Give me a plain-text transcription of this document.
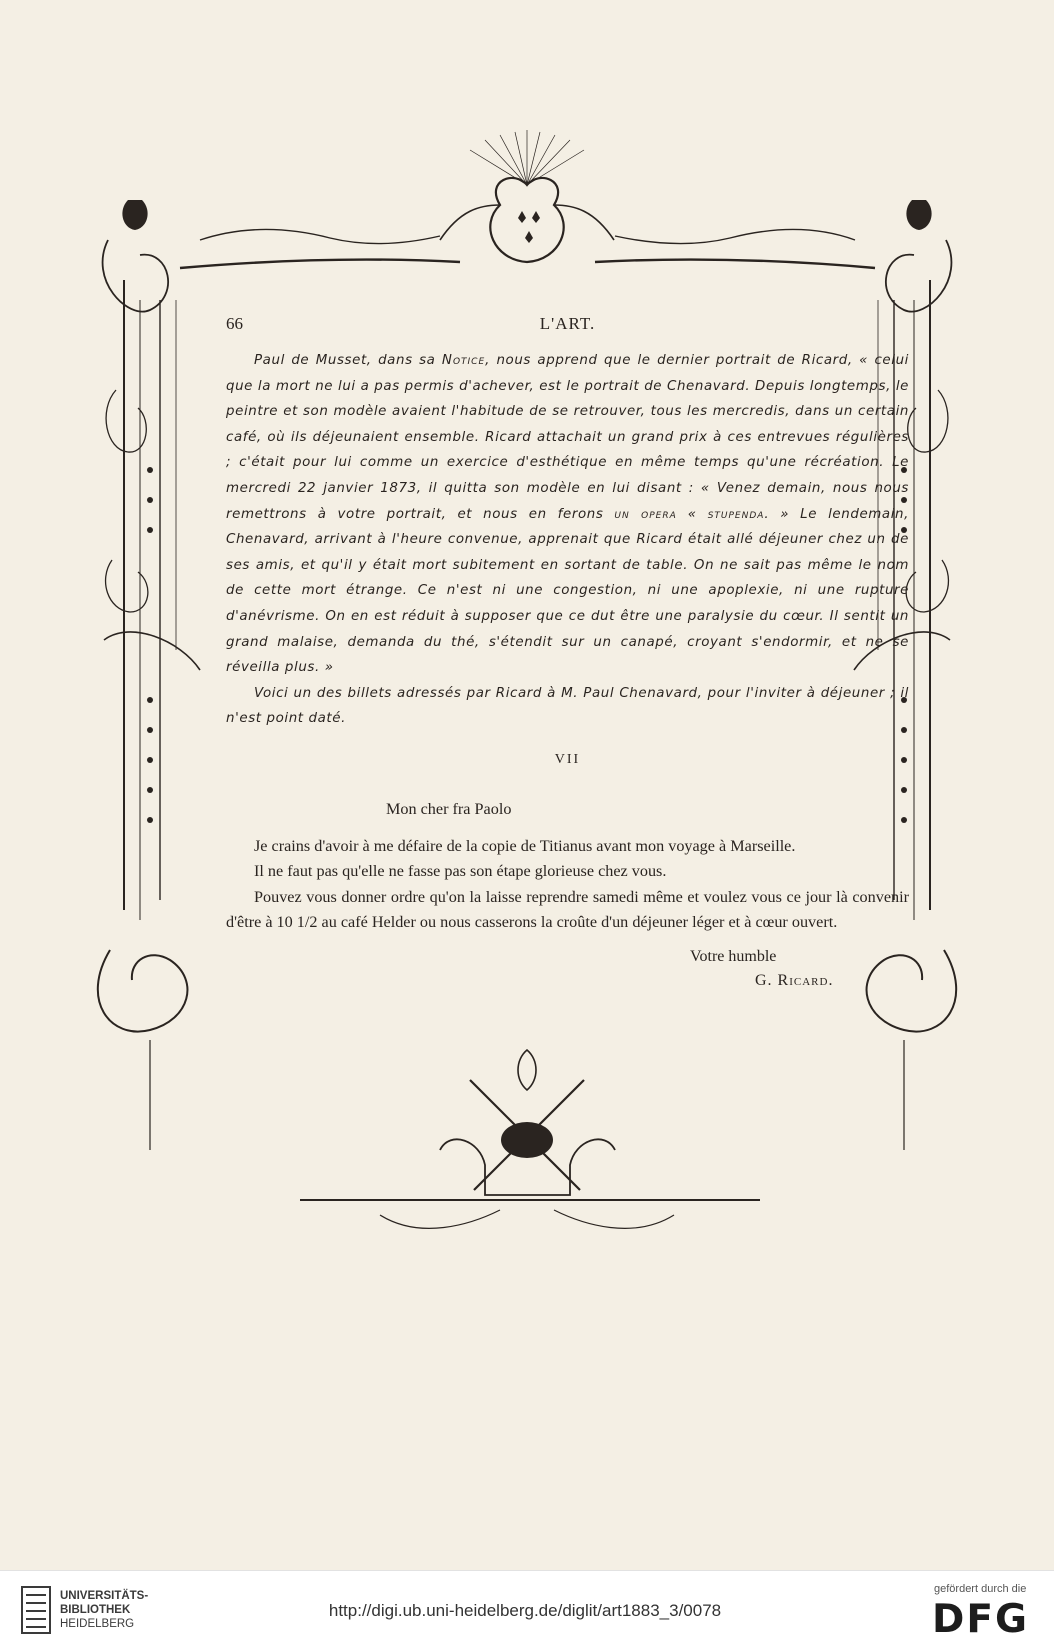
66	L'ART.

Paul de Musset, dans sa Notice, nous apprend que le dernier portrait de Ricard, « celui que la mort ne lui a pas permis d'achever, est le portrait de Chenavard. Depuis longtemps, le peintre et son modèle avaient l'habitude de se retrouver, tous les mercredis, dans un certain café, où ils déjeunaient ensemble. Ricard attachait un grand prix à ces entrevues régulières ; c'était pour lui comme un exercice d'esthétique en même temps qu'une récréation. Le mercredi 22 janvier 1873, il quitta son modèle en lui disant : « Venez demain, nous nous remettrons à votre portrait, et nous en ferons un opera « stupenda. » Le lendemain, Chenavard, arrivant à l'heure convenue, apprenait que Ricard était allé déjeuner chez un de ses amis, et qu'il y était mort subitement en sortant de table. On ne sait pas même le nom de cette mort étrange. Ce n'est ni une congestion, ni une apoplexie, ni une rupture d'anévrisme. On en est réduit à supposer que ce dut être une paralysie du cœur. Il sentit un grand malaise, demanda du thé, s'étendit sur un canapé, croyant s'endormir, et ne se réveilla plus. »

Voici un des billets adressés par Ricard à M. Paul Chenavard, pour l'inviter à déjeuner ; il n'est point daté.

VII

Mon cher fra Paolo

Je crains d'avoir à me défaire de la copie de Titianus avant mon voyage à Marseille.

Il ne faut pas qu'elle ne fasse pas son étape glorieuse chez vous.

Pouvez vous donner ordre qu'on la laisse reprendre samedi même et voulez vous ce jour là convenir d'être à 10 1/2 au café Helder ou nous casserons la croûte d'un déjeuner léger et à cœur ouvert.

Votre humble
G. Ricard.
UNIVERSITÄTS-
BIBLIOTHEK
HEIDELBERG
http://digi.ub.uni-heidelberg.de/diglit/art1883_3/0078
gefördert durch die
DFG
